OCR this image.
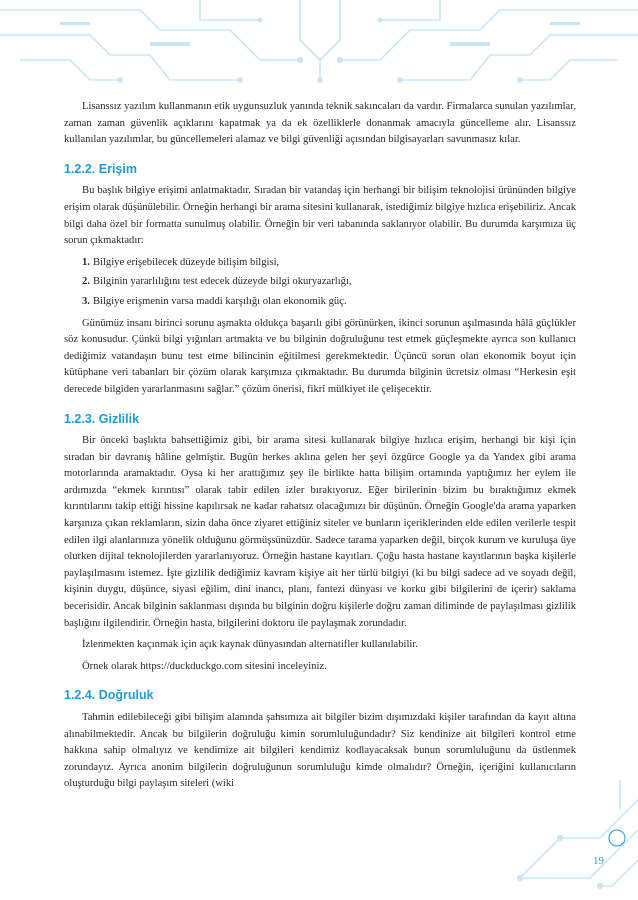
Lisanssız yazılım kullanmanın etik uygunsuzluk yanında teknik sakıncaları da vardır. Firmalarca sunulan yazılımlar, zaman zaman güvenlik açıklarını kapatmak ya da ek özelliklerle donanmak amacıyla güncelleme alır. Lisanssız kullanılan yazılımlar, bu güncellemeleri alamaz ve bilgi güvenliği açısından bilgisayarları savunmasız kılar.

1.2.2. Erişim

Bu başlık bilgiye erişimi anlatmaktadır. Sıradan bir vatandaş için herhangi bir bilişim teknolojisi ürününden bilgiye erişim olarak düşünülebilir. Örneğin herhangi bir arama sitesini kullanarak, istediğimiz bilgiye hızlıca erişebiliriz. Ancak bilgi daha özel bir formatta sunulmuş olabilir. Örneğin bir veri tabanında saklanıyor olabilir. Bu durumda karşımıza üç sorun çıkmaktadır:

1. Bilgiye erişebilecek düzeyde bilişim bilgisi,
2. Bilginin yararlılığını test edecek düzeyde bilgi okuryazarlığı,
3. Bilgiye erişmenin varsa maddi karşılığı olan ekonomik güç.

Günümüz insanı birinci sorunu aşmakta oldukça başarılı gibi görünürken, ikinci sorunun aşılmasında hâlâ güçlükler söz konusudur. Çünkü bilgi yığınları artmakta ve bu bilginin doğruluğunu test etmek güçleşmekte ayrıca son kullanıcı dediğimiz vatandaşın bunu test etme bilincinin eğitilmesi gerekmektedir. Üçüncü sorun olan ekonomik boyut için kütüphane veri tabanları bir çözüm olarak karşımıza çıkmaktadır. Bu durumda bilginin ücretsiz olması “Herkesin eşit derecede bilgiden yararlanmasını sağlar.” çözüm önerisi, fikrî mülkiyet ile çelişecektir.

1.2.3. Gizlilik

Bir önceki başlıkta bahsettiğimiz gibi, bir arama sitesi kullanarak bilgiye hızlıca erişim, herhangi bir kişi için sıradan bir davranış hâline gelmiştir. Bugün herkes aklına gelen her şeyi özgürce Google ya da Yandex gibi arama motorlarında aramaktadır. Oysa ki her arattığımız şey ile birlikte hatta bilişim ortamında yaptığımız her eylem ile ardımızda “ekmek kırıntısı” olarak tabir edilen izler bırakıyoruz. Eğer birilerinin bizim bu bıraktığımız ekmek kırıntılarını takip ettiği hissine kapılırsak ne kadar rahatsız olacağımızı bir düşünün. Örneğin Google'da arama yaparken karşınıza çıkan reklamların, sizin daha önce ziyaret ettiğiniz siteler ve bunların içeriklerinden elde edilen verilerle tespit edilen ilgi alanlarınıza yönelik olduğunu görmüşsünüzdür. Sadece tarama yaparken değil, birçok kurum ve kuruluşa üye olurken dijital teknolojilerden yararlanıyoruz. Örneğin hastane kayıtları. Çoğu hasta hastane kayıtlarının başka kişilerle paylaşılmasını istemez. İşte gizlilik dediğimiz kavram kişiye ait her türlü bilgiyi (ki bu bilgi sadece ad ve soyadı değil, kişinin duygu, düşünce, siyasi eğilim, dini inancı, planı, fantezi dünyası ve korku gibi bilgilerini de içerir) saklama becerisidir. Ancak bilginin saklanması dışında bu bilginin doğru kişilerle doğru zaman diliminde de paylaşılması gizlilik başlığını ilgilendirir. Örneğin hasta, bilgilerini doktoru ile paylaşmak zorundadır.

İzlenmekten kaçınmak için açık kaynak dünyasından alternatifler kullanılabilir.

Örnek olarak https://duckduckgo.com sitesini inceleyiniz.

1.2.4. Doğruluk

Tahmin edilebileceği gibi bilişim alanında şahsımıza ait bilgiler bizim dışımızdaki kişiler tarafından da kayıt altına alınabilmektedir. Ancak bu bilgilerin doğruluğu kimin sorumluluğundadır? Siz kendinize ait bilgileri kontrol etme hakkına sahip olmalıyız ve kendimize ait bilgileri kendimiz kodlayacaksak bunun sorumluluğunu da üstlenmek zorundayız. Ayrıca anonim bilgilerin doğruluğunun sorumluluğu kimde olmalıdır? Örneğin, içeriğini kullanıcıların oluşturduğu bilgi paylaşım siteleri (wiki

19
